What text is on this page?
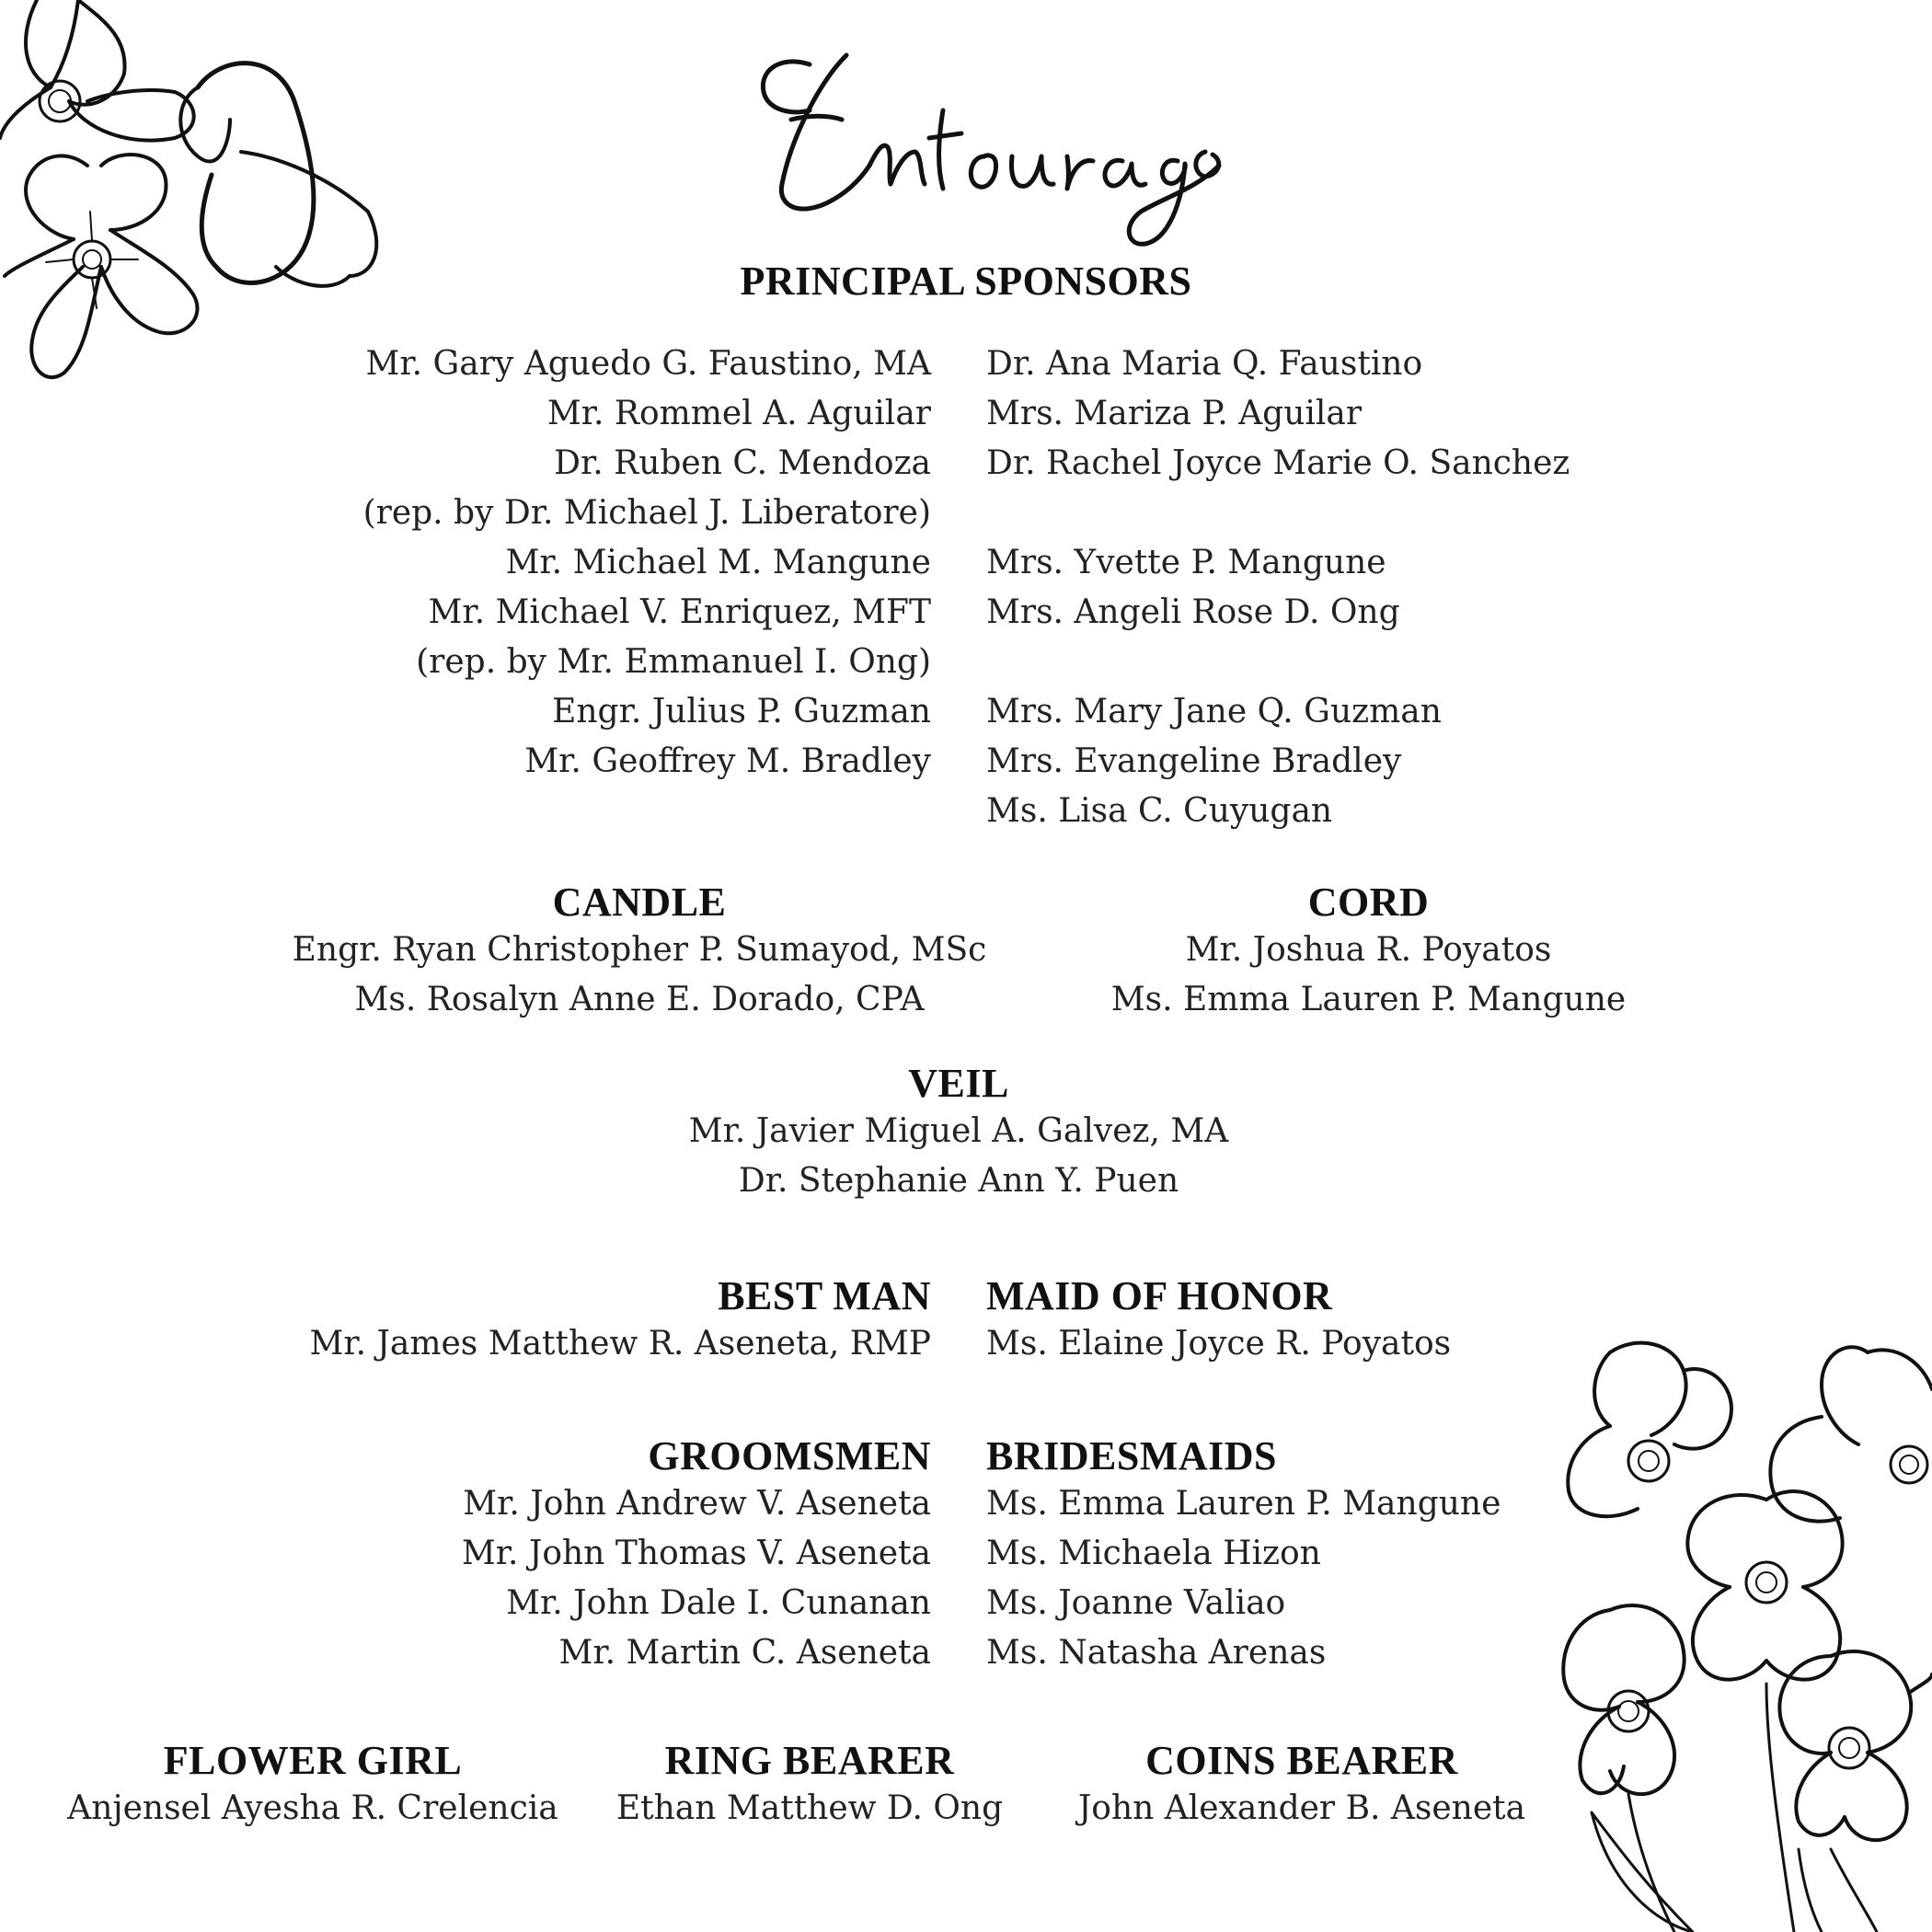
PRINCIPAL SPONSORS
Mr. Gary Aguedo G. Faustino, MA
Mr. Rommel A. Aguilar
Dr. Ruben C. Mendoza
(rep. by Dr. Michael J. Liberatore)
Mr. Michael M. Mangune
Mr. Michael V. Enriquez, MFT
(rep. by Mr. Emmanuel I. Ong)
Engr. Julius P. Guzman
Mr. Geoffrey M. Bradley
Dr. Ana Maria Q. Faustino
Mrs. Mariza P. Aguilar
Dr. Rachel Joyce Marie O. Sanchez

Mrs. Yvette P. Mangune
Mrs. Angeli Rose D. Ong

Mrs. Mary Jane Q. Guzman
Mrs. Evangeline Bradley
Ms. Lisa C. Cuyugan
CANDLE
Engr. Ryan Christopher P. Sumayod, MSc
Ms. Rosalyn Anne E. Dorado, CPA
CORD
Mr. Joshua R. Poyatos
Ms. Emma Lauren P. Mangune
VEIL
Mr. Javier Miguel A. Galvez, MA
Dr. Stephanie Ann Y. Puen
BEST MAN
Mr. James Matthew R. Aseneta, RMP
MAID OF HONOR
Ms. Elaine Joyce R. Poyatos
GROOMSMEN
Mr. John Andrew V. Aseneta
Mr. John Thomas V. Aseneta
Mr. John Dale I. Cunanan
Mr. Martin C. Aseneta
BRIDESMAIDS
Ms. Emma Lauren P. Mangune
Ms. Michaela Hizon
Ms. Joanne Valiao
Ms. Natasha Arenas
FLOWER GIRL
Anjensel Ayesha R. Crelencia
RING BEARER
Ethan Matthew D. Ong
COINS BEARER
John Alexander B. Aseneta
